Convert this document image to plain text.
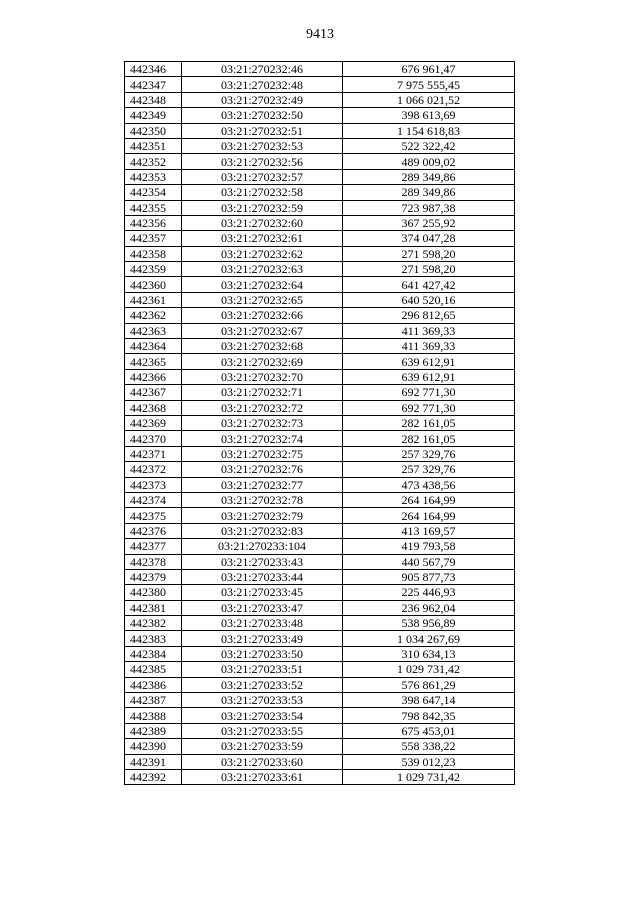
9413
442346	03:21:270232:46	676 961,47
442347	03:21:270232:48	7 975 555,45
442348	03:21:270232:49	1 066 021,52
442349	03:21:270232:50	398 613,69
442350	03:21:270232:51	1 154 618,83
442351	03:21:270232:53	522 322,42
442352	03:21:270232:56	489 009,02
442353	03:21:270232:57	289 349,86
442354	03:21:270232:58	289 349,86
442355	03:21:270232:59	723 987,38
442356	03:21:270232:60	367 255,92
442357	03:21:270232:61	374 047,28
442358	03:21:270232:62	271 598,20
442359	03:21:270232:63	271 598,20
442360	03:21:270232:64	641 427,42
442361	03:21:270232:65	640 520,16
442362	03:21:270232:66	296 812,65
442363	03:21:270232:67	411 369,33
442364	03:21:270232:68	411 369,33
442365	03:21:270232:69	639 612,91
442366	03:21:270232:70	639 612,91
442367	03:21:270232:71	692 771,30
442368	03:21:270232:72	692 771,30
442369	03:21:270232:73	282 161,05
442370	03:21:270232:74	282 161,05
442371	03:21:270232:75	257 329,76
442372	03:21:270232:76	257 329,76
442373	03:21:270232:77	473 438,56
442374	03:21:270232:78	264 164,99
442375	03:21:270232:79	264 164,99
442376	03:21:270232:83	413 169,57
442377	03:21:270233:104	419 793,58
442378	03:21:270233:43	440 567,79
442379	03:21:270233:44	905 877,73
442380	03:21:270233:45	225 446,93
442381	03:21:270233:47	236 962,04
442382	03:21:270233:48	538 956,89
442383	03:21:270233:49	1 034 267,69
442384	03:21:270233:50	310 634,13
442385	03:21:270233:51	1 029 731,42
442386	03:21:270233:52	576 861,29
442387	03:21:270233:53	398 647,14
442388	03:21:270233:54	798 842,35
442389	03:21:270233:55	675 453,01
442390	03:21:270233:59	558 338,22
442391	03:21:270233:60	539 012,23
442392	03:21:270233:61	1 029 731,42
